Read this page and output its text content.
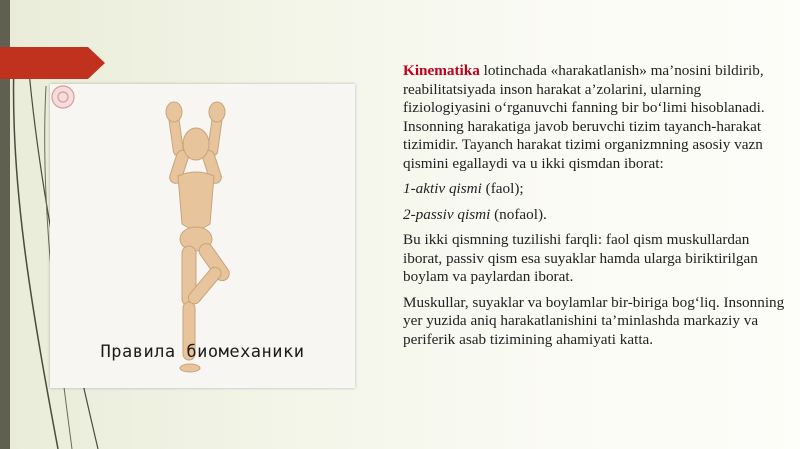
Правила биомеханики

Kinematika lotinchada «harakatlanish» ma’nosini bildirib, reabilitatsiyada inson harakat a’zolarini, ularning fiziologiyasini o‘rganuvchi fanning bir bo‘limi hisoblanadi. Insonning harakatiga javob beruvchi tizim tayanch-harakat tizimidir. Tayanch harakat tizimi organizmning asosiy vazn qismini egallaydi va u ikki qismdan iborat:

1-aktiv qismi (faol);

2-passiv qismi (nofaol).

Bu ikki qismning tuzilishi farqli: faol qism muskullardan iborat, passiv qism esa suyaklar hamda ularga biriktirilgan boylam va paylardan iborat.

Muskullar, suyaklar va boylamlar bir-biriga bog‘liq. Insonning yer yuzida aniq harakatlanishini ta’minlashda markaziy va periferik asab tizimining ahamiyati katta.
